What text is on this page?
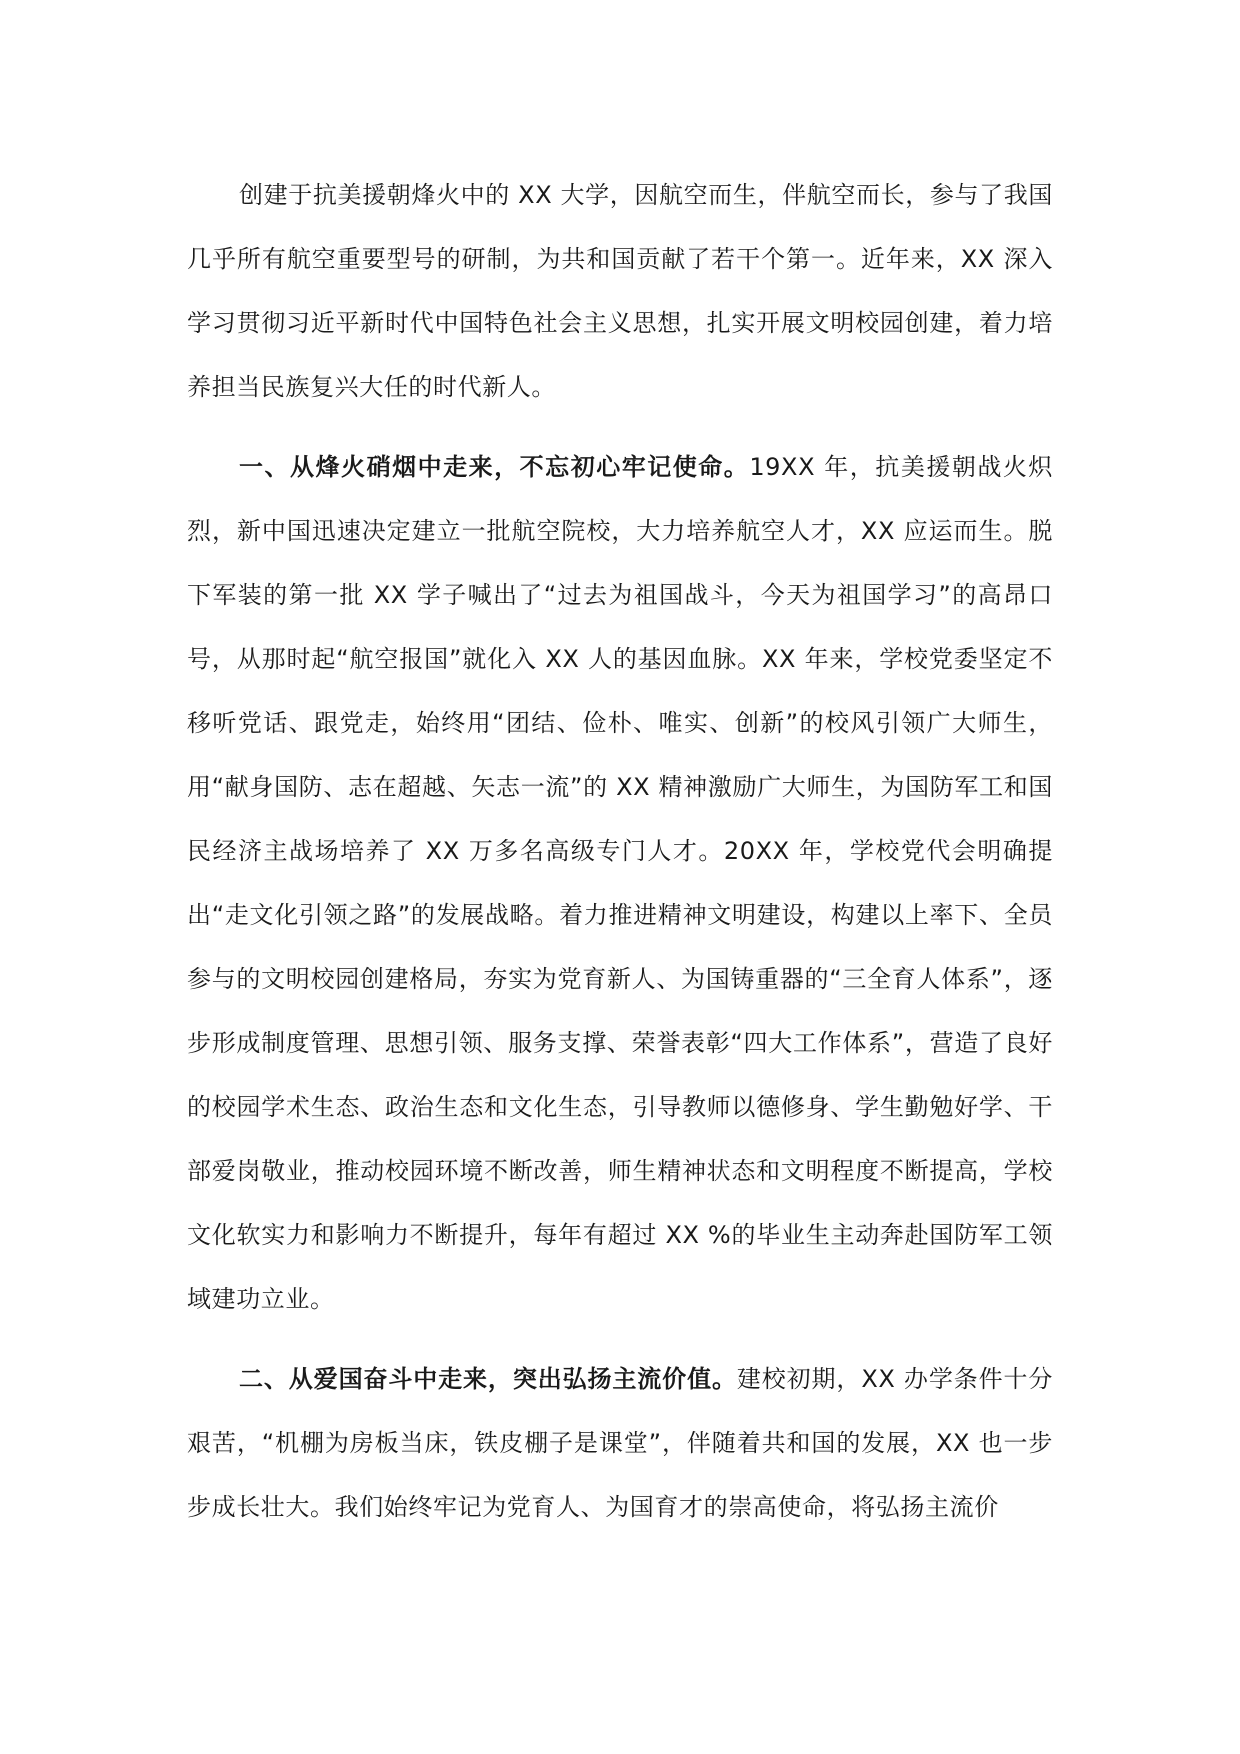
创建于抗美援朝烽火中的 XX 大学，因航空而生，伴航空而长，参与了我国几乎所有航空重要型号的研制，为共和国贡献了若干个第一。近年来，XX 深入学习贯彻习近平新时代中国特色社会主义思想，扎实开展文明校园创建，着力培养担当民族复兴大任的时代新人。

一、从烽火硝烟中走来，不忘初心牢记使命。19XX 年，抗美援朝战火炽烈，新中国迅速决定建立一批航空院校，大力培养航空人才，XX 应运而生。脱下军装的第一批 XX 学子喊出了“过去为祖国战斗，今天为祖国学习”的高昂口号，从那时起“航空报国”就化入 XX 人的基因血脉。XX 年来，学校党委坚定不移听党话、跟党走，始终用“团结、俭朴、唯实、创新”的校风引领广大师生，用“献身国防、志在超越、矢志一流”的 XX 精神激励广大师生，为国防军工和国民经济主战场培养了 XX 万多名高级专门人才。20XX 年，学校党代会明确提出“走文化引领之路”的发展战略。着力推进精神文明建设，构建以上率下、全员参与的文明校园创建格局，夯实为党育新人、为国铸重器的“三全育人体系”，逐步形成制度管理、思想引领、服务支撑、荣誉表彰“四大工作体系”，营造了良好的校园学术生态、政治生态和文化生态，引导教师以德修身、学生勤勉好学、干部爱岗敬业，推动校园环境不断改善，师生精神状态和文明程度不断提高，学校文化软实力和影响力不断提升，每年有超过 XX %的毕业生主动奔赴国防军工领域建功立业。

二、从爱国奋斗中走来，突出弘扬主流价值。建校初期，XX 办学条件十分艰苦，“机棚为房板当床，铁皮棚子是课堂”，伴随着共和国的发展，XX 也一步步成长壮大。我们始终牢记为党育人、为国育才的崇高使命，将弘扬主流价
